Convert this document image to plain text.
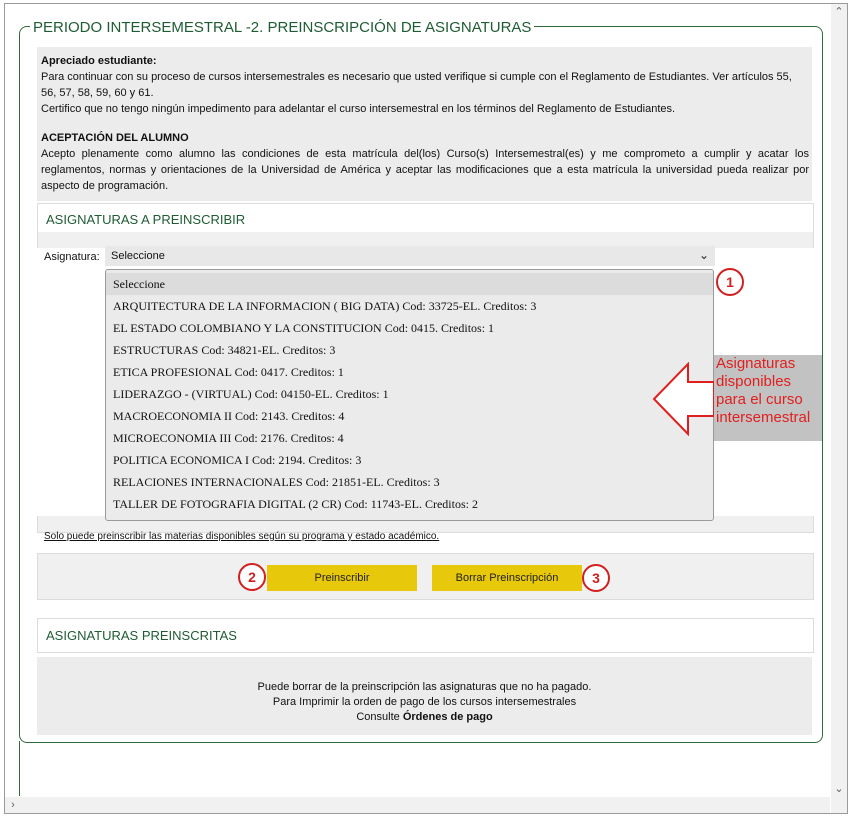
⌃
⌄
›
PERIODO INTERSEMESTRAL -2. PREINSCRIPCIÓN DE ASIGNATURAS

Apreciado estudiante:

Para continuar con su proceso de cursos intersemestrales es necesario que usted verifique si cumple con el Reglamento de Estudiantes. Ver artículos 55, 56, 57, 58, 59, 60 y 61.

Certifico que no tengo ningún impedimento para adelantar el curso intersemestral en los términos del Reglamento de Estudiantes.

ACEPTACIÓN DEL ALUMNO

Acepto plenamente como alumno las condiciones de esta matrícula del(los) Curso(s) Intersemestral(es) y me comprometo a cumplir y acatar los reglamentos, normas y orientaciones de la Universidad de América y aceptar las modificaciones que a esta matrícula la universidad pueda realizar por aspecto de programación.

ASIGNATURAS A PREINSCRIBIR
Asignatura: Seleccione	⌄
Seleccione
ARQUITECTURA DE LA INFORMACION ( BIG DATA) Cod: 33725-EL. Creditos: 3
EL ESTADO COLOMBIANO Y LA CONSTITUCION Cod: 0415. Creditos: 1
ESTRUCTURAS Cod: 34821-EL. Creditos: 3
ETICA PROFESIONAL Cod: 0417. Creditos: 1
LIDERAZGO - (VIRTUAL) Cod: 04150-EL. Creditos: 1
MACROECONOMIA II Cod: 2143. Creditos: 4
MICROECONOMIA III Cod: 2176. Creditos: 4
POLITICA ECONOMICA I Cod: 2194. Creditos: 3
RELACIONES INTERNACIONALES Cod: 21851-EL. Creditos: 3
TALLER DE FOTOGRAFIA DIGITAL (2 CR) Cod: 11743-EL. Creditos: 2
1
Asignaturas
disponibles
para el curso
intersemestral
Solo puede preinscribir las materias disponibles según su programa y estado académico.
2	Preinscribir	Borrar Preinscripción	3
ASIGNATURAS PREINSCRITAS
Puede borrar de la preinscripción las asignaturas que no ha pagado.
Para Imprimir la orden de pago de los cursos intersemestrales
Consulte Órdenes de pago
